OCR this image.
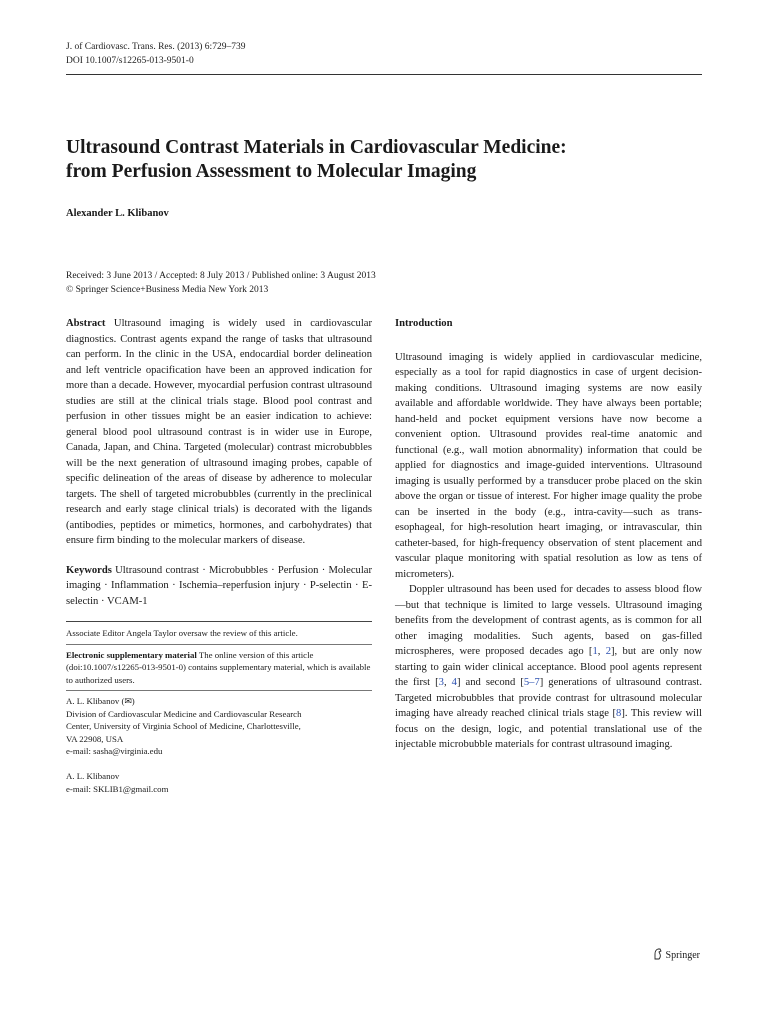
J. of Cardiovasc. Trans. Res. (2013) 6:729–739
DOI 10.1007/s12265-013-9501-0
Ultrasound Contrast Materials in Cardiovascular Medicine:
from Perfusion Assessment to Molecular Imaging
Alexander L. Klibanov
Received: 3 June 2013 / Accepted: 8 July 2013 / Published online: 3 August 2013
© Springer Science+Business Media New York 2013

Abstract Ultrasound imaging is widely used in cardiovascular diagnostics. Contrast agents expand the range of tasks that ultrasound can perform. In the clinic in the USA, endocardial border delineation and left ventricle opacification have been an approved indication for more than a decade. However, myocardial perfusion contrast ultrasound studies are still at the clinical trials stage. Blood pool contrast and perfusion in other tissues might be an easier indication to achieve: general blood pool ultrasound contrast is in wider use in Europe, Canada, Japan, and China. Targeted (molecular) contrast microbubbles will be the next generation of ultrasound imaging probes, capable of specific delineation of the areas of disease by adherence to molecular targets. The shell of targeted microbubbles (currently in the preclinical research and early stage clinical trials) is decorated with the ligands (antibodies, peptides or mimetics, hormones, and carbohydrates) that ensure firm binding to the molecular markers of disease.

Keywords Ultrasound contrast · Microbubbles · Perfusion · Molecular imaging · Inflammation · Ischemia–reperfusion injury · P-selectin · E-selectin · VCAM-1

Associate Editor Angela Taylor oversaw the review of this article.

Electronic supplementary material The online version of this article (doi:10.1007/s12265-013-9501-0) contains supplementary material, which is available to authorized users.

A. L. Klibanov (✉)

Division of Cardiovascular Medicine and Cardiovascular Research

Center, University of Virginia School of Medicine, Charlottesville,

VA 22908, USA

e-mail: sasha@virginia.edu

A. L. Klibanov

e-mail: SKLIB1@gmail.com

Introduction

Ultrasound imaging is widely applied in cardiovascular medicine, especially as a tool for rapid diagnostics in case of urgent decision-making conditions. Ultrasound imaging systems are now easily available and affordable worldwide. They have always been portable; hand-held and pocket equipment versions have now become a convenient option. Ultrasound provides real-time anatomic and functional (e.g., wall motion abnormality) information that could be applied for diagnostics and image-guided interventions. Ultrasound imaging is usually performed by a transducer probe placed on the skin above the organ or tissue of interest. For higher image quality the probe can be inserted in the body (e.g., intra-cavity—such as trans-esophageal, for high-resolution heart imaging, or intravascular, thin catheter-based, for high-frequency observation of stent placement and vascular plaque monitoring with spatial resolution as low as tens of micrometers).

Doppler ultrasound has been used for decades to assess blood flow—but that technique is limited to large vessels. Ultrasound imaging benefits from the development of contrast agents, as is common for all other imaging modalities. Such agents, based on gas-filled microspheres, were proposed decades ago [1, 2], but are only now starting to gain wider clinical acceptance. Blood pool agents represent the first [3, 4] and second [5–7] generations of ultrasound contrast. Targeted microbubbles that provide contrast for ultrasound molecular imaging have already reached clinical trials stage [8]. This review will focus on the design, logic, and potential translational use of the injectable microbubble materials for contrast ultrasound imaging.

Springer
